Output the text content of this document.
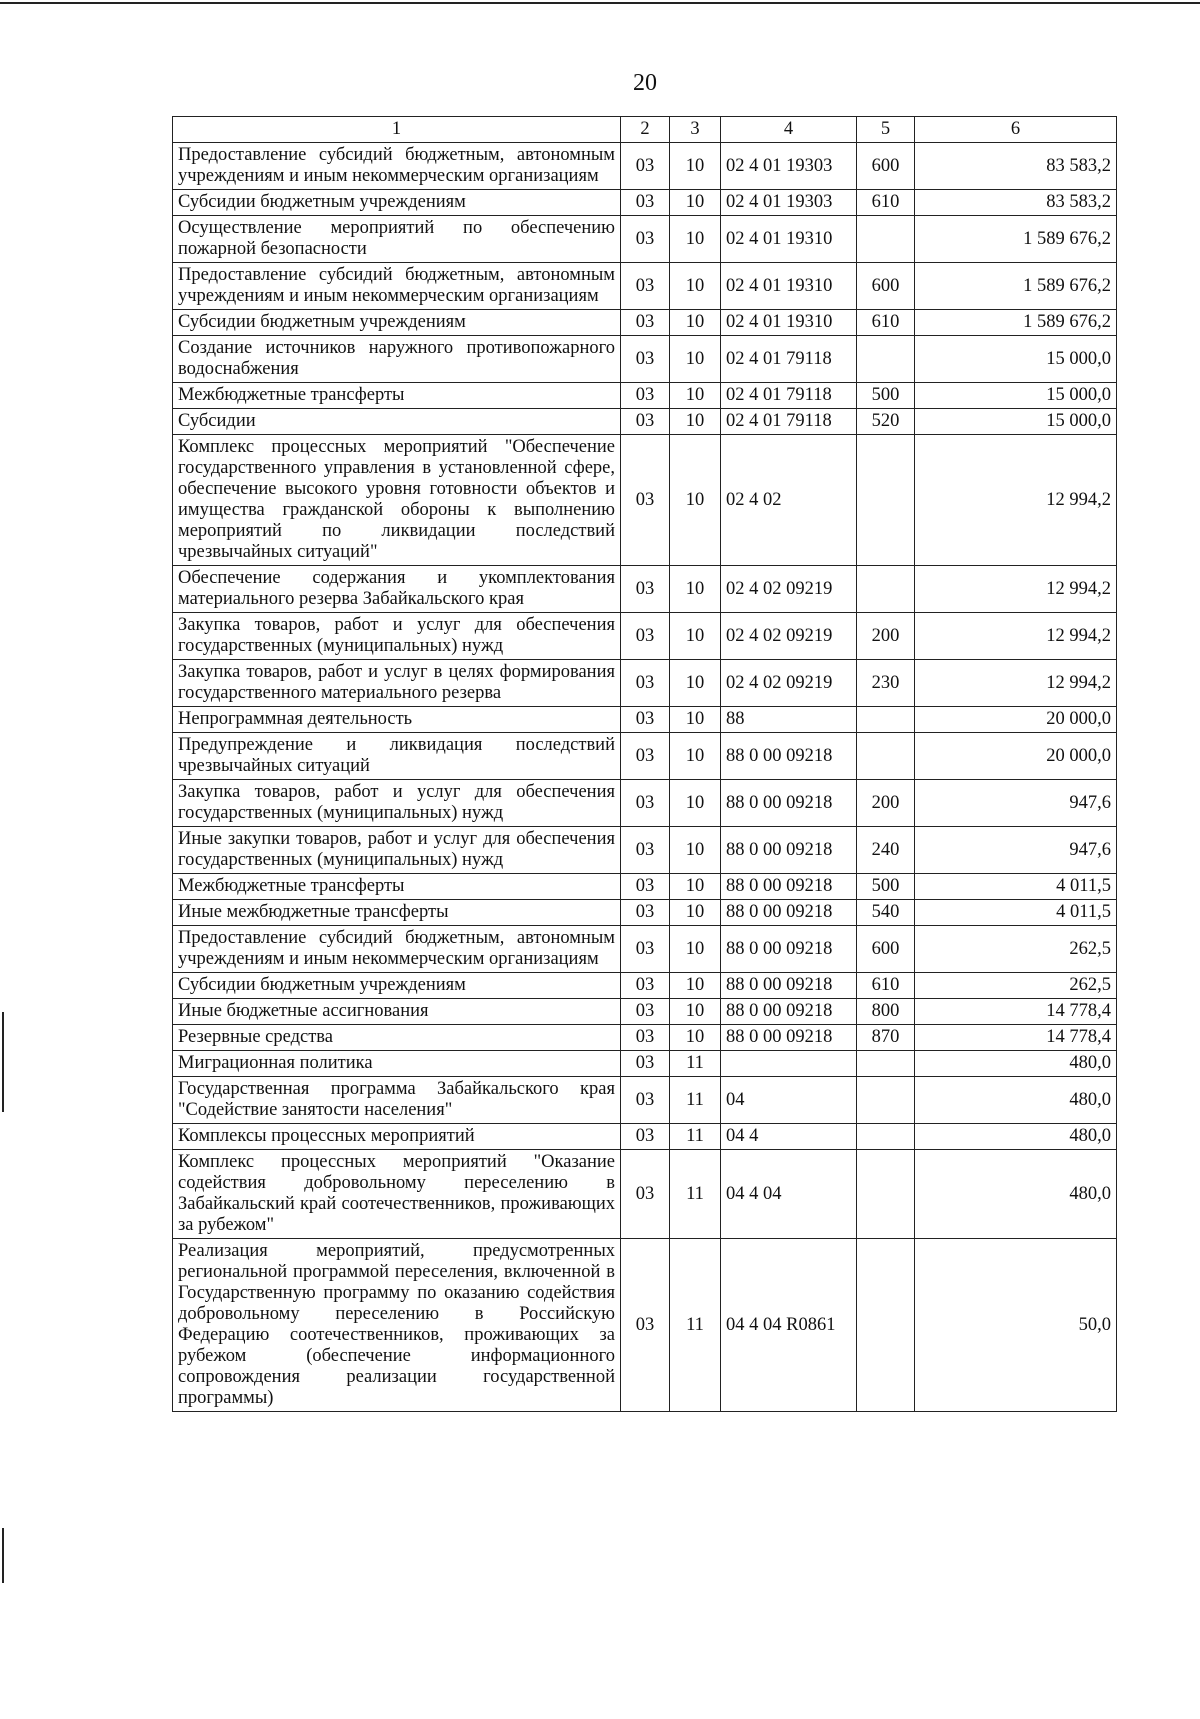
20
1	2	3	4	5	6
Предоставление субсидий бюджетным, автономным учреждениям и иным некоммерческим организациям	03	10	02 4 01 19303	600	83 583,2
Субсидии бюджетным учреждениям	03	10	02 4 01 19303	610	83 583,2
Осуществление мероприятий по обеспечению пожарной безопасности	03	10	02 4 01 19310		1 589 676,2
Предоставление субсидий бюджетным, автономным учреждениям и иным некоммерческим организациям	03	10	02 4 01 19310	600	1 589 676,2
Субсидии бюджетным учреждениям	03	10	02 4 01 19310	610	1 589 676,2
Создание источников наружного противопожарного водоснабжения	03	10	02 4 01 79118		15 000,0
Межбюджетные трансферты	03	10	02 4 01 79118	500	15 000,0
Субсидии	03	10	02 4 01 79118	520	15 000,0
Комплекс процессных мероприятий "Обеспечение государственного управления в установленной сфере, обеспечение высокого уровня готовности объектов и имущества гражданской обороны к выполнению мероприятий по ликвидации последствий чрезвычайных ситуаций"	03	10	02 4 02		12 994,2
Обеспечение содержания и укомплектования материального резерва Забайкальского края	03	10	02 4 02 09219		12 994,2
Закупка товаров, работ и услуг для обеспечения государственных (муниципальных) нужд	03	10	02 4 02 09219	200	12 994,2
Закупка товаров, работ и услуг в целях формирования государственного материального резерва	03	10	02 4 02 09219	230	12 994,2
Непрограммная деятельность	03	10	88		20 000,0
Предупреждение и ликвидация последствий чрезвычайных ситуаций	03	10	88 0 00 09218		20 000,0
Закупка товаров, работ и услуг для обеспечения государственных (муниципальных) нужд	03	10	88 0 00 09218	200	947,6
Иные закупки товаров, работ и услуг для обеспечения государственных (муниципальных) нужд	03	10	88 0 00 09218	240	947,6
Межбюджетные трансферты	03	10	88 0 00 09218	500	4 011,5
Иные межбюджетные трансферты	03	10	88 0 00 09218	540	4 011,5
Предоставление субсидий бюджетным, автономным учреждениям и иным некоммерческим организациям	03	10	88 0 00 09218	600	262,5
Субсидии бюджетным учреждениям	03	10	88 0 00 09218	610	262,5
Иные бюджетные ассигнования	03	10	88 0 00 09218	800	14 778,4
Резервные средства	03	10	88 0 00 09218	870	14 778,4
Миграционная политика	03	11			480,0
Государственная программа Забайкальского края "Содействие занятости населения"	03	11	04		480,0
Комплексы процессных мероприятий	03	11	04 4		480,0
Комплекс процессных мероприятий "Оказание содействия добровольному переселению в Забайкальский край соотечественников, проживающих за рубежом"	03	11	04 4 04		480,0
Реализация мероприятий, предусмотренных региональной программой переселения, включенной в Государственную программу по оказанию содействия добровольному переселению в Российскую Федерацию соотечественников, проживающих за рубежом (обеспечение информационного сопровождения реализации государственной программы)	03	11	04 4 04 R0861		50,0
